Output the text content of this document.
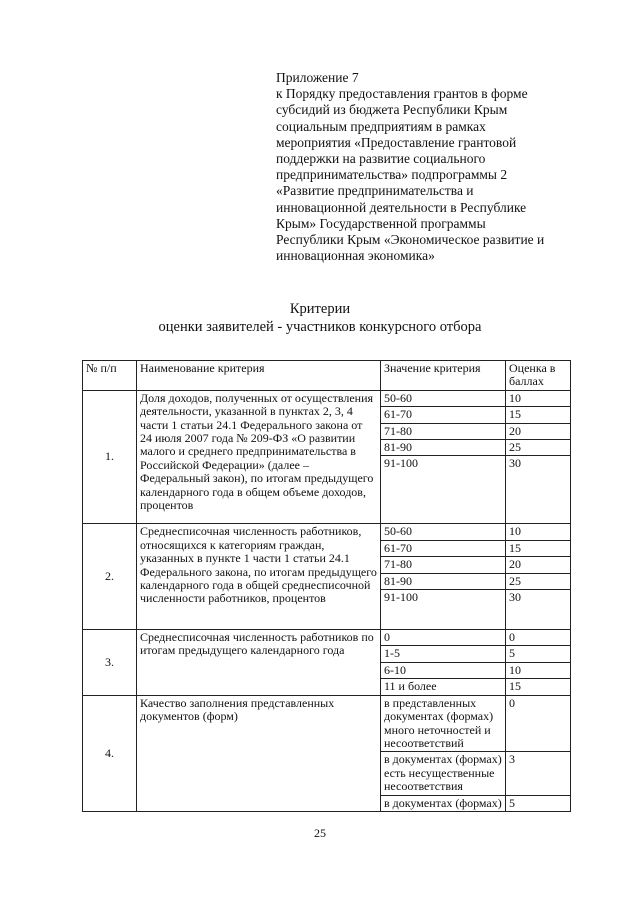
Приложение 7
к Порядку предоставления грантов в форме
субсидий из бюджета Республики Крым
социальным предприятиям в рамках
мероприятия «Предоставление грантовой
поддержки на развитие социального
предпринимательства» подпрограммы 2
«Развитие предпринимательства и
инновационной деятельности в Республике
Крым» Государственной программы
Республики Крым «Экономическое развитие и
инновационная экономика»
Критерии
оценки заявителей - участников конкурсного отбора
№ п/п	Наименование критерия	Значение критерия	Оценка в баллах
1.	Доля доходов, полученных от осуществления деятельности, указанной в пунктах 2, 3, 4 части 1 статьи 24.1 Федерального закона от 24 июля 2007 года № 209-ФЗ «О развитии малого и среднего предпринимательства в Российской Федерации» (далее – Федеральный закон), по итогам предыдущего календарного года в общем объеме доходов, процентов	50-60	10
		61-70	15
		71-80	20
		81-90	25
		91-100	30
2.	Среднесписочная численность работников, относящихся к категориям граждан, указанных в пункте 1 части 1 статьи 24.1 Федерального закона, по итогам предыдущего календарного года в общей среднесписочной численности работников, процентов	50-60	10
		61-70	15
		71-80	20
		81-90	25
		91-100	30
3.	Среднесписочная численность работников по итогам предыдущего календарного года	0	0
		1-5	5
		6-10	10
		11 и более	15
4.	Качество заполнения представленных документов (форм)	в представленных документах (формах) много неточностей и несоответствий	0
		в документах (формах) есть несущественные несоответствия	3
		в документах (формах)	5
25
